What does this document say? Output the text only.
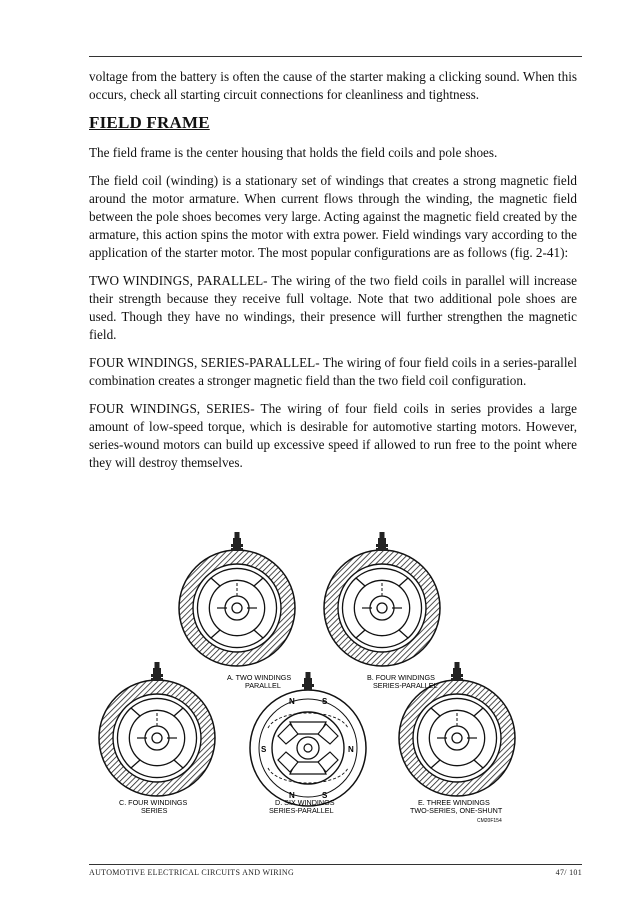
voltage from the battery is often the cause of the starter making a clicking sound. When this occurs, check all starting circuit connections for cleanliness and tightness.

FIELD FRAME

The field frame is the center housing that holds the field coils and pole shoes.

The field coil (winding) is a stationary set of windings that creates a strong magnetic field around the motor armature. When current flows through the winding, the magnetic field between the pole shoes becomes very large. Acting against the magnetic field created by the armature, this action spins the motor with extra power. Field windings vary according to the application of the starter motor. The most popular configurations are as follows (fig. 2-41):

TWO WINDINGS, PARALLEL- The wiring of the two field coils in parallel will increase their strength because they receive full voltage. Note that two additional pole shoes are used. Though they have no windings, their presence will further strengthen the magnetic field.

FOUR WINDINGS, SERIES-PARALLEL- The wiring of four field coils in a series-parallel combination creates a stronger magnetic field than the two field coil configuration.

FOUR WINDINGS, SERIES- The wiring of four field coils in series provides a large amount of low-speed torque, which is desirable for automotive starting motors. However, series-wound motors can build up excessive speed if allowed to run free to the point where they will destroy themselves.

N	S
S	N
N	S
A. TWO WINDINGS
PARALLEL
B. FOUR WINDINGS
SERIES-PARALLEL
C. FOUR WINDINGS
SERIES
D. SIX WINDINGS
SERIES-PARALLEL
E. THREE WINDINGS
TWO-SERIES, ONE-SHUNT
CM20F154
AUTOMOTIVE ELECTRICAL CIRCUITS AND WIRING	47/ 101
